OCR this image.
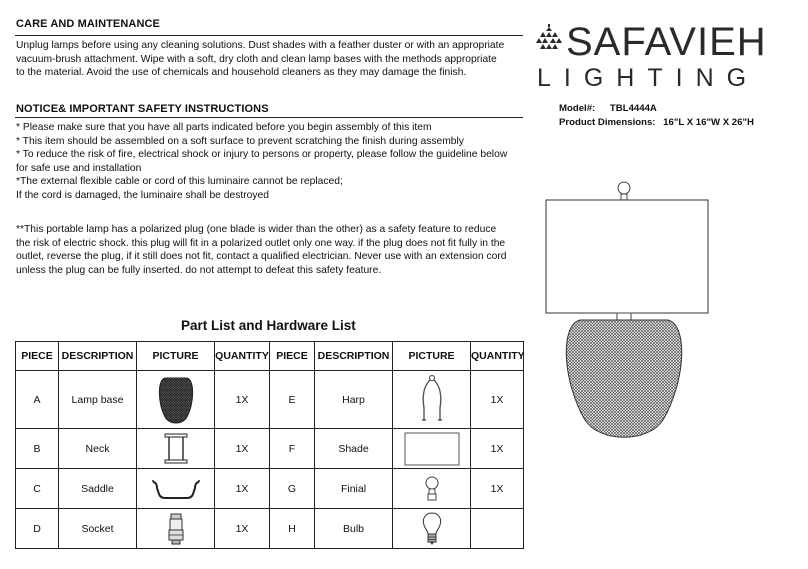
CARE AND MAINTENANCE
Unplug lamps before using any cleaning solutions. Dust shades with a feather duster or with an appropriate
vacuum-brush attachment. Wipe with a soft, dry cloth and clean lamp bases with the methods appropriate
to the material. Avoid the use of chemicals and household cleaners as they may damage the finish.
NOTICE& IMPORTANT SAFETY INSTRUCTIONS
* Please make sure that you have all parts indicated before you begin assembly of this item
* This item should be assembled on a soft surface to prevent scratching the finish during assembly
* To reduce the risk of fire, electrical shock or injury to persons or property, please follow the guideline below
for safe use and installation
*The external flexible cable or cord of this luminaire cannot be replaced;
If the cord is damaged, the luminaire shall be destroyed
**This portable lamp has a polarized plug (one blade is wider than the other) as a safety feature to reduce
the risk of electric shock. this plug will fit in a polarized outlet only one way. if the plug does not fit fully in the
outlet, reverse the plug, if it still does not fit, contact a qualified electrician. Never use with an extension cord
unless the plug can be fully inserted. do not attempt to defeat this safety feature.
SAFAVIEH
LIGHTING
Model#: TBL4444A
Product Dimensions: 16"L X 16"W X 26"H
Part List and Hardware List
PIECE	DESCRIPTION	PICTURE	QUANTITY	PIECE	DESCRIPTION	PICTURE	QUANTITY
A	Lamp base		1X	E	Harp		1X
B	Neck		1X	F	Shade		1X
C	Saddle		1X	G	Finial		1X
D	Socket		1X	H	Bulb	
